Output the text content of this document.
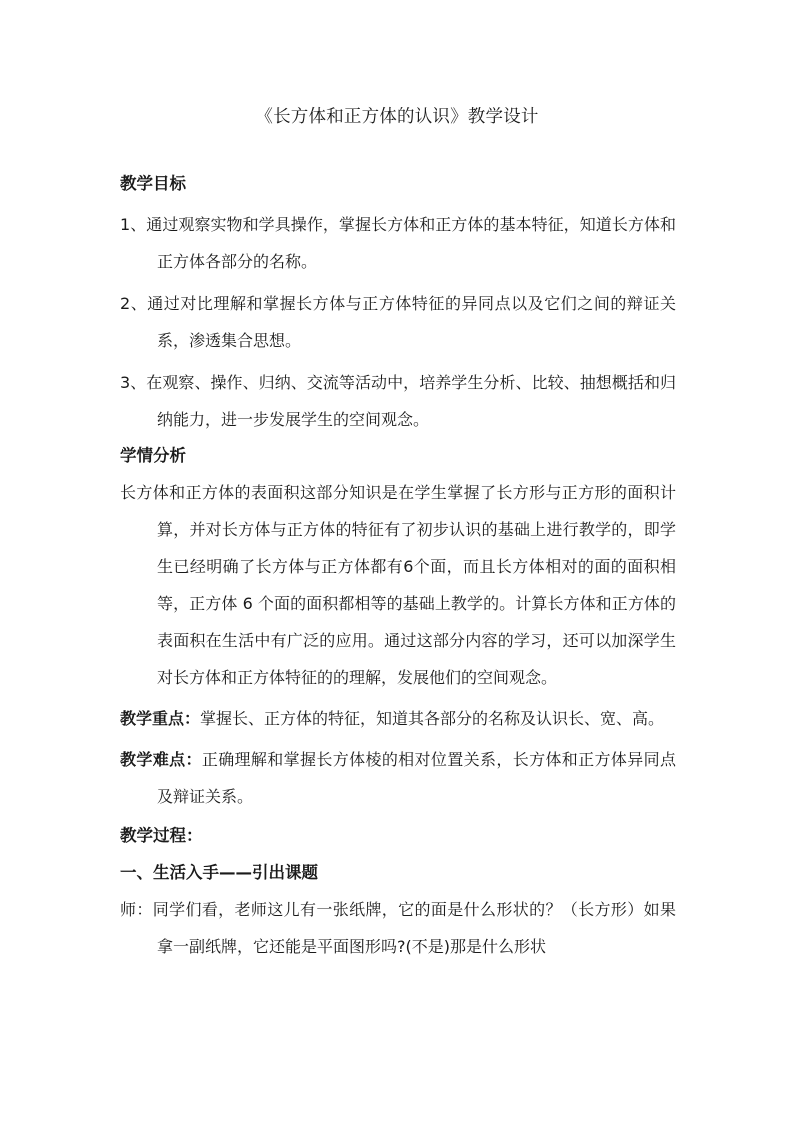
《长方体和正方体的认识》教学设计

教学目标

1、通过观察实物和学具操作，掌握长方体和正方体的基本特征，知道长方体和正方体各部分的名称。

2、通过对比理解和掌握长方体与正方体特征的异同点以及它们之间的辩证关系，渗透集合思想。

3、在观察、操作、归纳、交流等活动中，培养学生分析、比较、抽想概括和归纳能力，进一步发展学生的空间观念。

学情分析

长方体和正方体的表面积这部分知识是在学生掌握了长方形与正方形的面积计算，并对长方体与正方体的特征有了初步认识的基础上进行教学的，即学生已经明确了长方体与正方体都有6个面，而且长方体相对的面的面积相等，正方体 6 个面的面积都相等的基础上教学的。计算长方体和正方体的表面积在生活中有广泛的应用。通过这部分内容的学习，还可以加深学生对长方体和正方体特征的的理解，发展他们的空间观念。

教学重点：掌握长、正方体的特征，知道其各部分的名称及认识长、宽、高。

教学难点：正确理解和掌握长方体棱的相对位置关系，长方体和正方体异同点及辩证关系。

教学过程：

一、生活入手——引出课题

师：同学们看，老师这儿有一张纸牌，它的面是什么形状的？（长方形）如果拿一副纸牌，它还能是平面图形吗?(不是)那是什么形状
